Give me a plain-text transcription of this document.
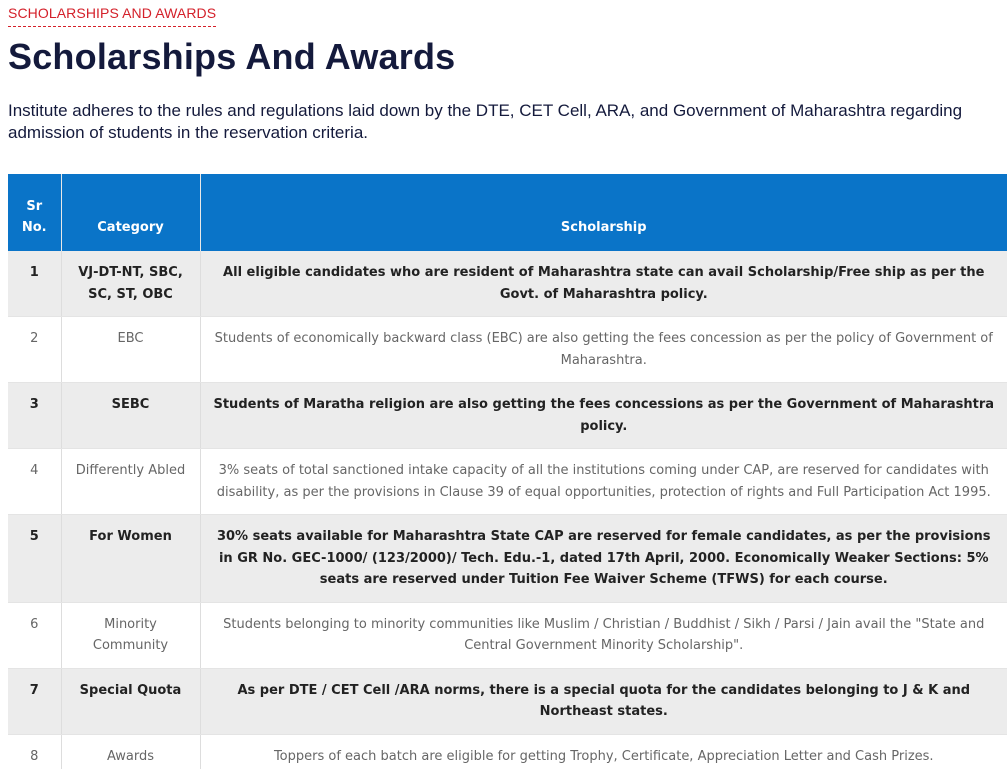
SCHOLARSHIPS AND AWARDS
Scholarships And Awards

Institute adheres to the rules and regulations laid down by the DTE, CET Cell, ARA, and Government of Maharashtra regarding admission of students in the reservation criteria.

Sr No.	Category	Scholarship
1	VJ-DT-NT, SBC, SC, ST, OBC	All eligible candidates who are resident of Maharashtra state can avail Scholarship/Free ship as per the Govt. of Maharashtra policy.
2	EBC	Students of economically backward class (EBC) are also getting the fees concession as per the policy of Government of Maharashtra.
3	SEBC	Students of Maratha religion are also getting the fees concessions as per the Government of Maharashtra policy.
4	Differently Abled	3% seats of total sanctioned intake capacity of all the institutions coming under CAP, are reserved for candidates with disability, as per the provisions in Clause 39 of equal opportunities, protection of rights and Full Participation Act 1995.
5	For Women	30% seats available for Maharashtra State CAP are reserved for female candidates, as per the provisions in GR No. GEC-1000/ (123/2000)/ Tech. Edu.-1, dated 17th April, 2000. Economically Weaker Sections: 5% seats are reserved under Tuition Fee Waiver Scheme (TFWS) for each course.
6	Minority Community	Students belonging to minority communities like Muslim / Christian / Buddhist / Sikh / Parsi / Jain avail the "State and Central Government Minority Scholarship".
7	Special Quota	As per DTE / CET Cell /ARA norms, there is a special quota for the candidates belonging to J & K and Northeast states.
8	Awards	Toppers of each batch are eligible for getting Trophy, Certificate, Appreciation Letter and Cash Prizes.
